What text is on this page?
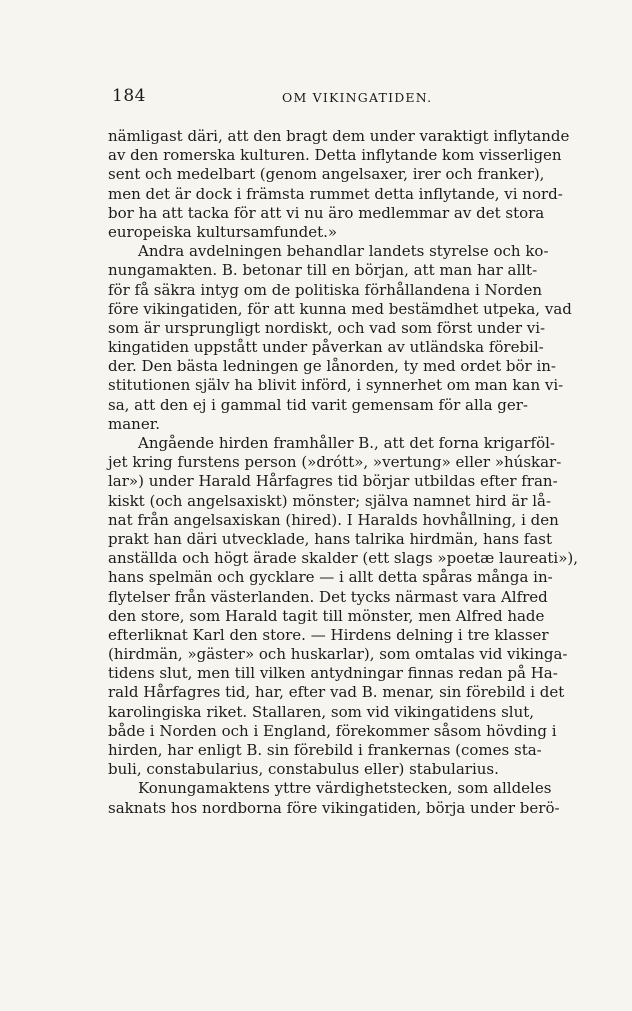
184	OM VIKINGATIDEN.
nämligast däri, att den bragt dem under varaktigt inflytande
av den romerska kulturen. Detta inflytande kom visserligen
sent och medelbart (genom angelsaxer, irer och franker),
men det är dock i främsta rummet detta inflytande, vi nord-
bor ha att tacka för att vi nu äro medlemmar av det stora
europeiska kultursamfundet.»
Andra avdelningen behandlar landets styrelse och ko-
nungamakten. B. betonar till en början, att man har allt-
för få säkra intyg om de politiska förhållandena i Norden
före vikingatiden, för att kunna med bestämdhet utpeka, vad
som är ursprungligt nordiskt, och vad som först under vi-
kingatiden uppstått under påverkan av utländska förebil-
der. Den bästa ledningen ge lånorden, ty med ordet bör in-
stitutionen själv ha blivit införd, i synnerhet om man kan vi-
sa, att den ej i gammal tid varit gemensam för alla ger-
maner.
Angående hirden framhåller B., att det forna krigarföl-
jet kring furstens person (»drótt», »vertung» eller »húskar-
lar») under Harald Hårfagres tid börjar utbildas efter fran-
kiskt (och angelsaxiskt) mönster; själva namnet hird är lå-
nat från angelsaxiskan (hired). I Haralds hovhållning, i den
prakt han däri utvecklade, hans talrika hirdmän, hans fast
anställda och högt ärade skalder (ett slags »poetæ laureati»),
hans spelmän och gycklare — i allt detta spåras många in-
flytelser från västerlanden. Det tycks närmast vara Alfred
den store, som Harald tagit till mönster, men Alfred hade
efterliknat Karl den store. — Hirdens delning i tre klasser
(hirdmän, »gäster» och huskarlar), som omtalas vid vikinga-
tidens slut, men till vilken antydningar finnas redan på Ha-
rald Hårfagres tid, har, efter vad B. menar, sin förebild i det
karolingiska riket. Stallaren, som vid vikingatidens slut,
både i Norden och i England, förekommer såsom hövding i
hirden, har enligt B. sin förebild i frankernas (comes sta-
buli, constabularius, constabulus eller) stabularius.
Konungamaktens yttre värdighetstecken, som alldeles
saknats hos nordborna före vikingatiden, börja under berö-
